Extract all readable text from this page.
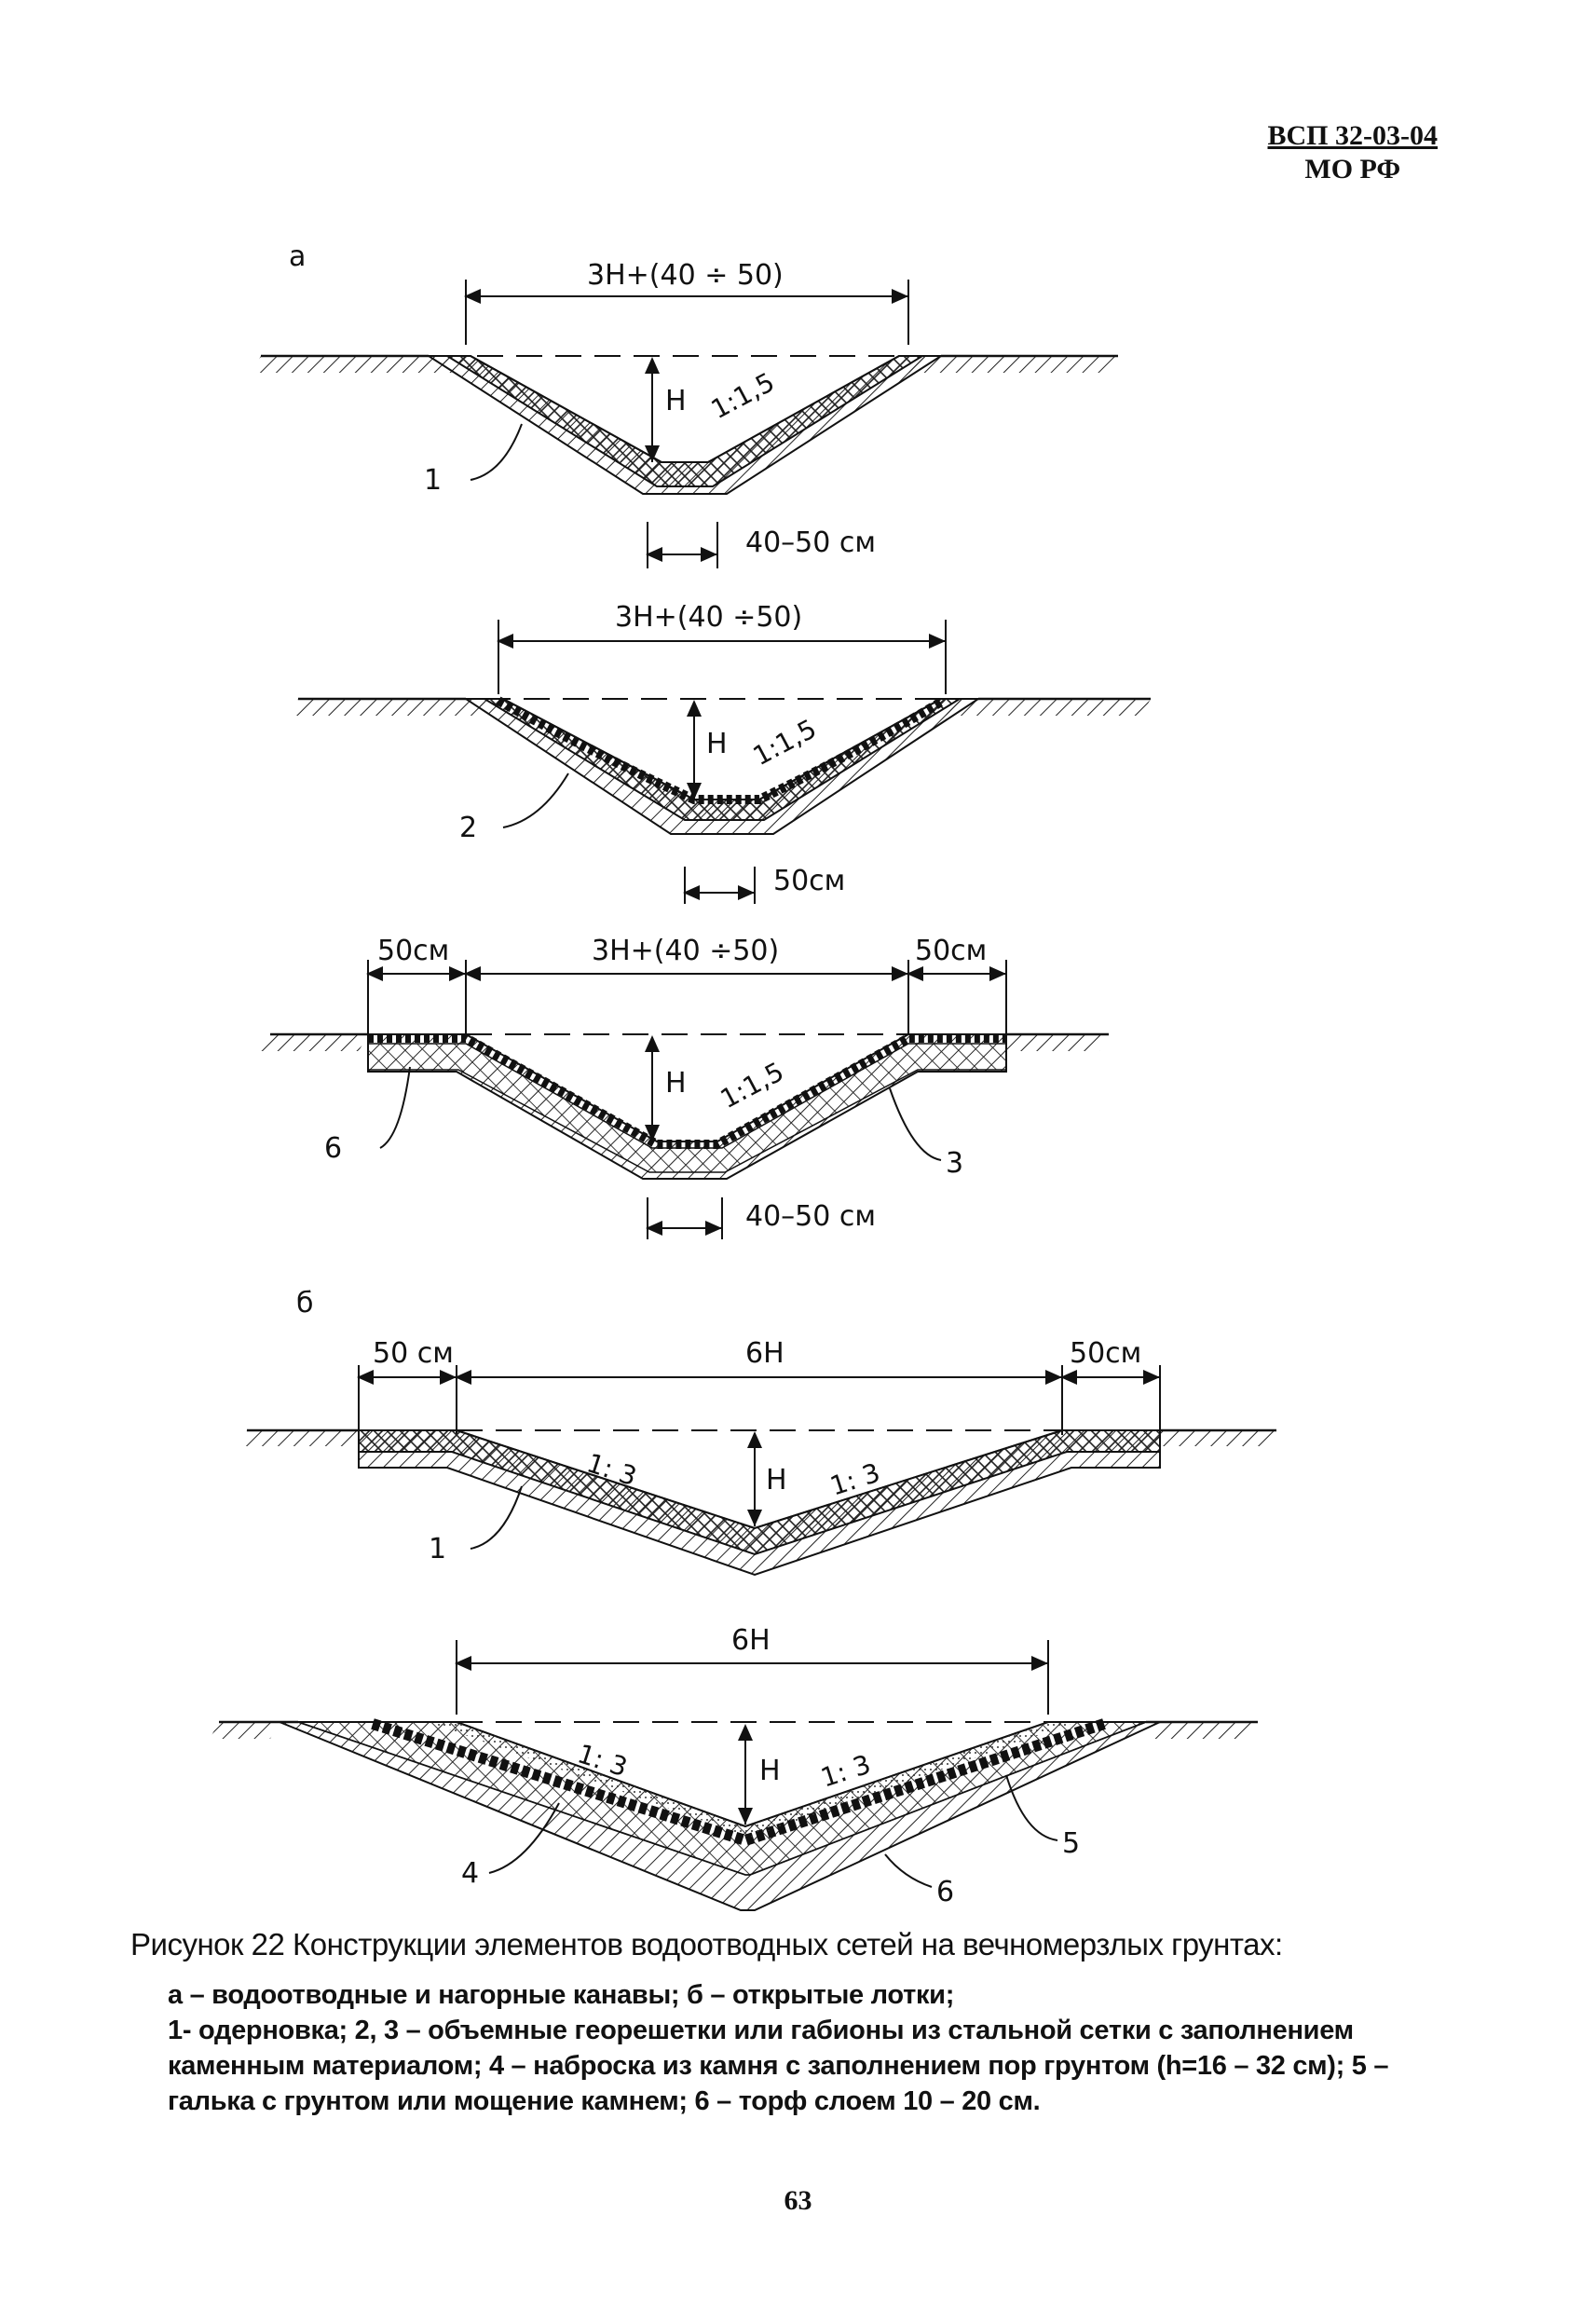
ВСП 32-03-04
МО РФ
а
3H+(40 ÷ 50)
H 1:1,5
40–50 см
1
3H+(40 ÷50)
H 1:1,5
50см
2
50см	3H+(40 ÷50)	50см
H 1:1,5
40–50 см
6	3
б
50 см	6H	50см
1: 3	H 1: 3
1
6H
1: 3	H 1: 3
4
5
6
Рисунок 22 Конструкции элементов водоотводных сетей на вечномерзлых грунтах:
а – водоотводные и нагорные канавы; б – открытые лотки;
1- одерновка; 2, 3 – объемные георешетки или габионы из стальной сетки с заполнением каменным материалом; 4 – наброска из камня с заполнением пор грунтом (h=16 – 32 см); 5 – галька с грунтом или мощение камнем; 6 – торф слоем 10 – 20 см.
63
